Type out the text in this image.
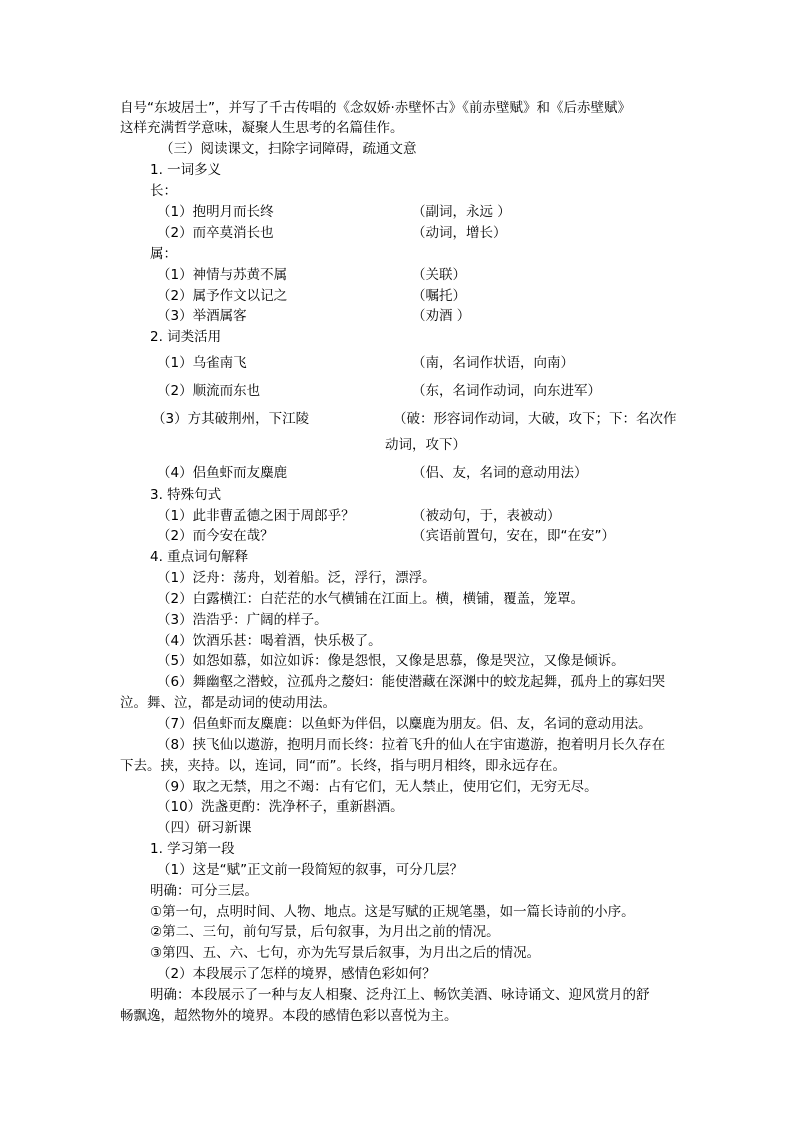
自号“东坡居士”，并写了千古传唱的《念奴娇·赤壁怀古》《前赤壁赋》和《后赤壁赋》
这样充满哲学意味，凝聚人生思考的名篇佳作。
（三）阅读课文，扫除字词障碍，疏通文意
1. 一词多义
长：
（1）抱明月而长终	（副词，永远 ）
（2）而卒莫消长也	（动词，增长）
属：
（1）神情与苏黄不属	（关联）
（2）属予作文以记之	（嘱托）
（3）举酒属客	（劝酒 ）
2. 词类活用
（1）乌雀南飞	（南，名词作状语，向南）
（2）顺流而东也	（东，名词作动词，向东进军）
（3）方其破荆州，下江陵	（破：形容词作动词，大破，攻下；下：名次作
动词，攻下）
（4）侣鱼虾而友麋鹿	（侣、友，名词的意动用法）
3. 特殊句式
（1）此非曹孟德之困于周郎乎？	（被动句，于，表被动）
（2）而今安在哉？	（宾语前置句，安在，即“在安”）
4. 重点词句解释
（1）泛舟：荡舟，划着船。泛，浮行，漂浮。
（2）白露横江：白茫茫的水气横铺在江面上。横，横铺，覆盖，笼罩。
（3）浩浩乎：广阔的样子。
（4）饮酒乐甚：喝着酒，快乐极了。
（5）如怨如慕，如泣如诉：像是怨恨，又像是思慕，像是哭泣，又像是倾诉。
（6）舞幽壑之潜蛟，泣孤舟之嫠妇：能使潜藏在深渊中的蛟龙起舞，孤舟上的寡妇哭
泣。舞、泣，都是动词的使动用法。
（7）侣鱼虾而友麋鹿：以鱼虾为伴侣，以麋鹿为朋友。侣、友，名词的意动用法。
（8）挟飞仙以遨游，抱明月而长终：拉着飞升的仙人在宇宙遨游，抱着明月长久存在
下去。挟，夹持。以，连词，同“而”。长终，指与明月相终，即永远存在。
（9）取之无禁，用之不竭：占有它们，无人禁止，使用它们，无穷无尽。
（10）洗盏更酌：洗净杯子，重新斟酒。
（四）研习新课
1. 学习第一段
（1）这是“赋”正文前一段简短的叙事，可分几层？
明确：可分三层。
①第一句，点明时间、人物、地点。这是写赋的正规笔墨，如一篇长诗前的小序。
②第二、三句，前句写景，后句叙事，为月出之前的情况。
③第四、五、六、七句，亦为先写景后叙事，为月出之后的情况。
（2）本段展示了怎样的境界，感情色彩如何？
明确：本段展示了一种与友人相聚、泛舟江上、畅饮美酒、咏诗诵文、迎风赏月的舒
畅飘逸，超然物外的境界。本段的感情色彩以喜悦为主。
